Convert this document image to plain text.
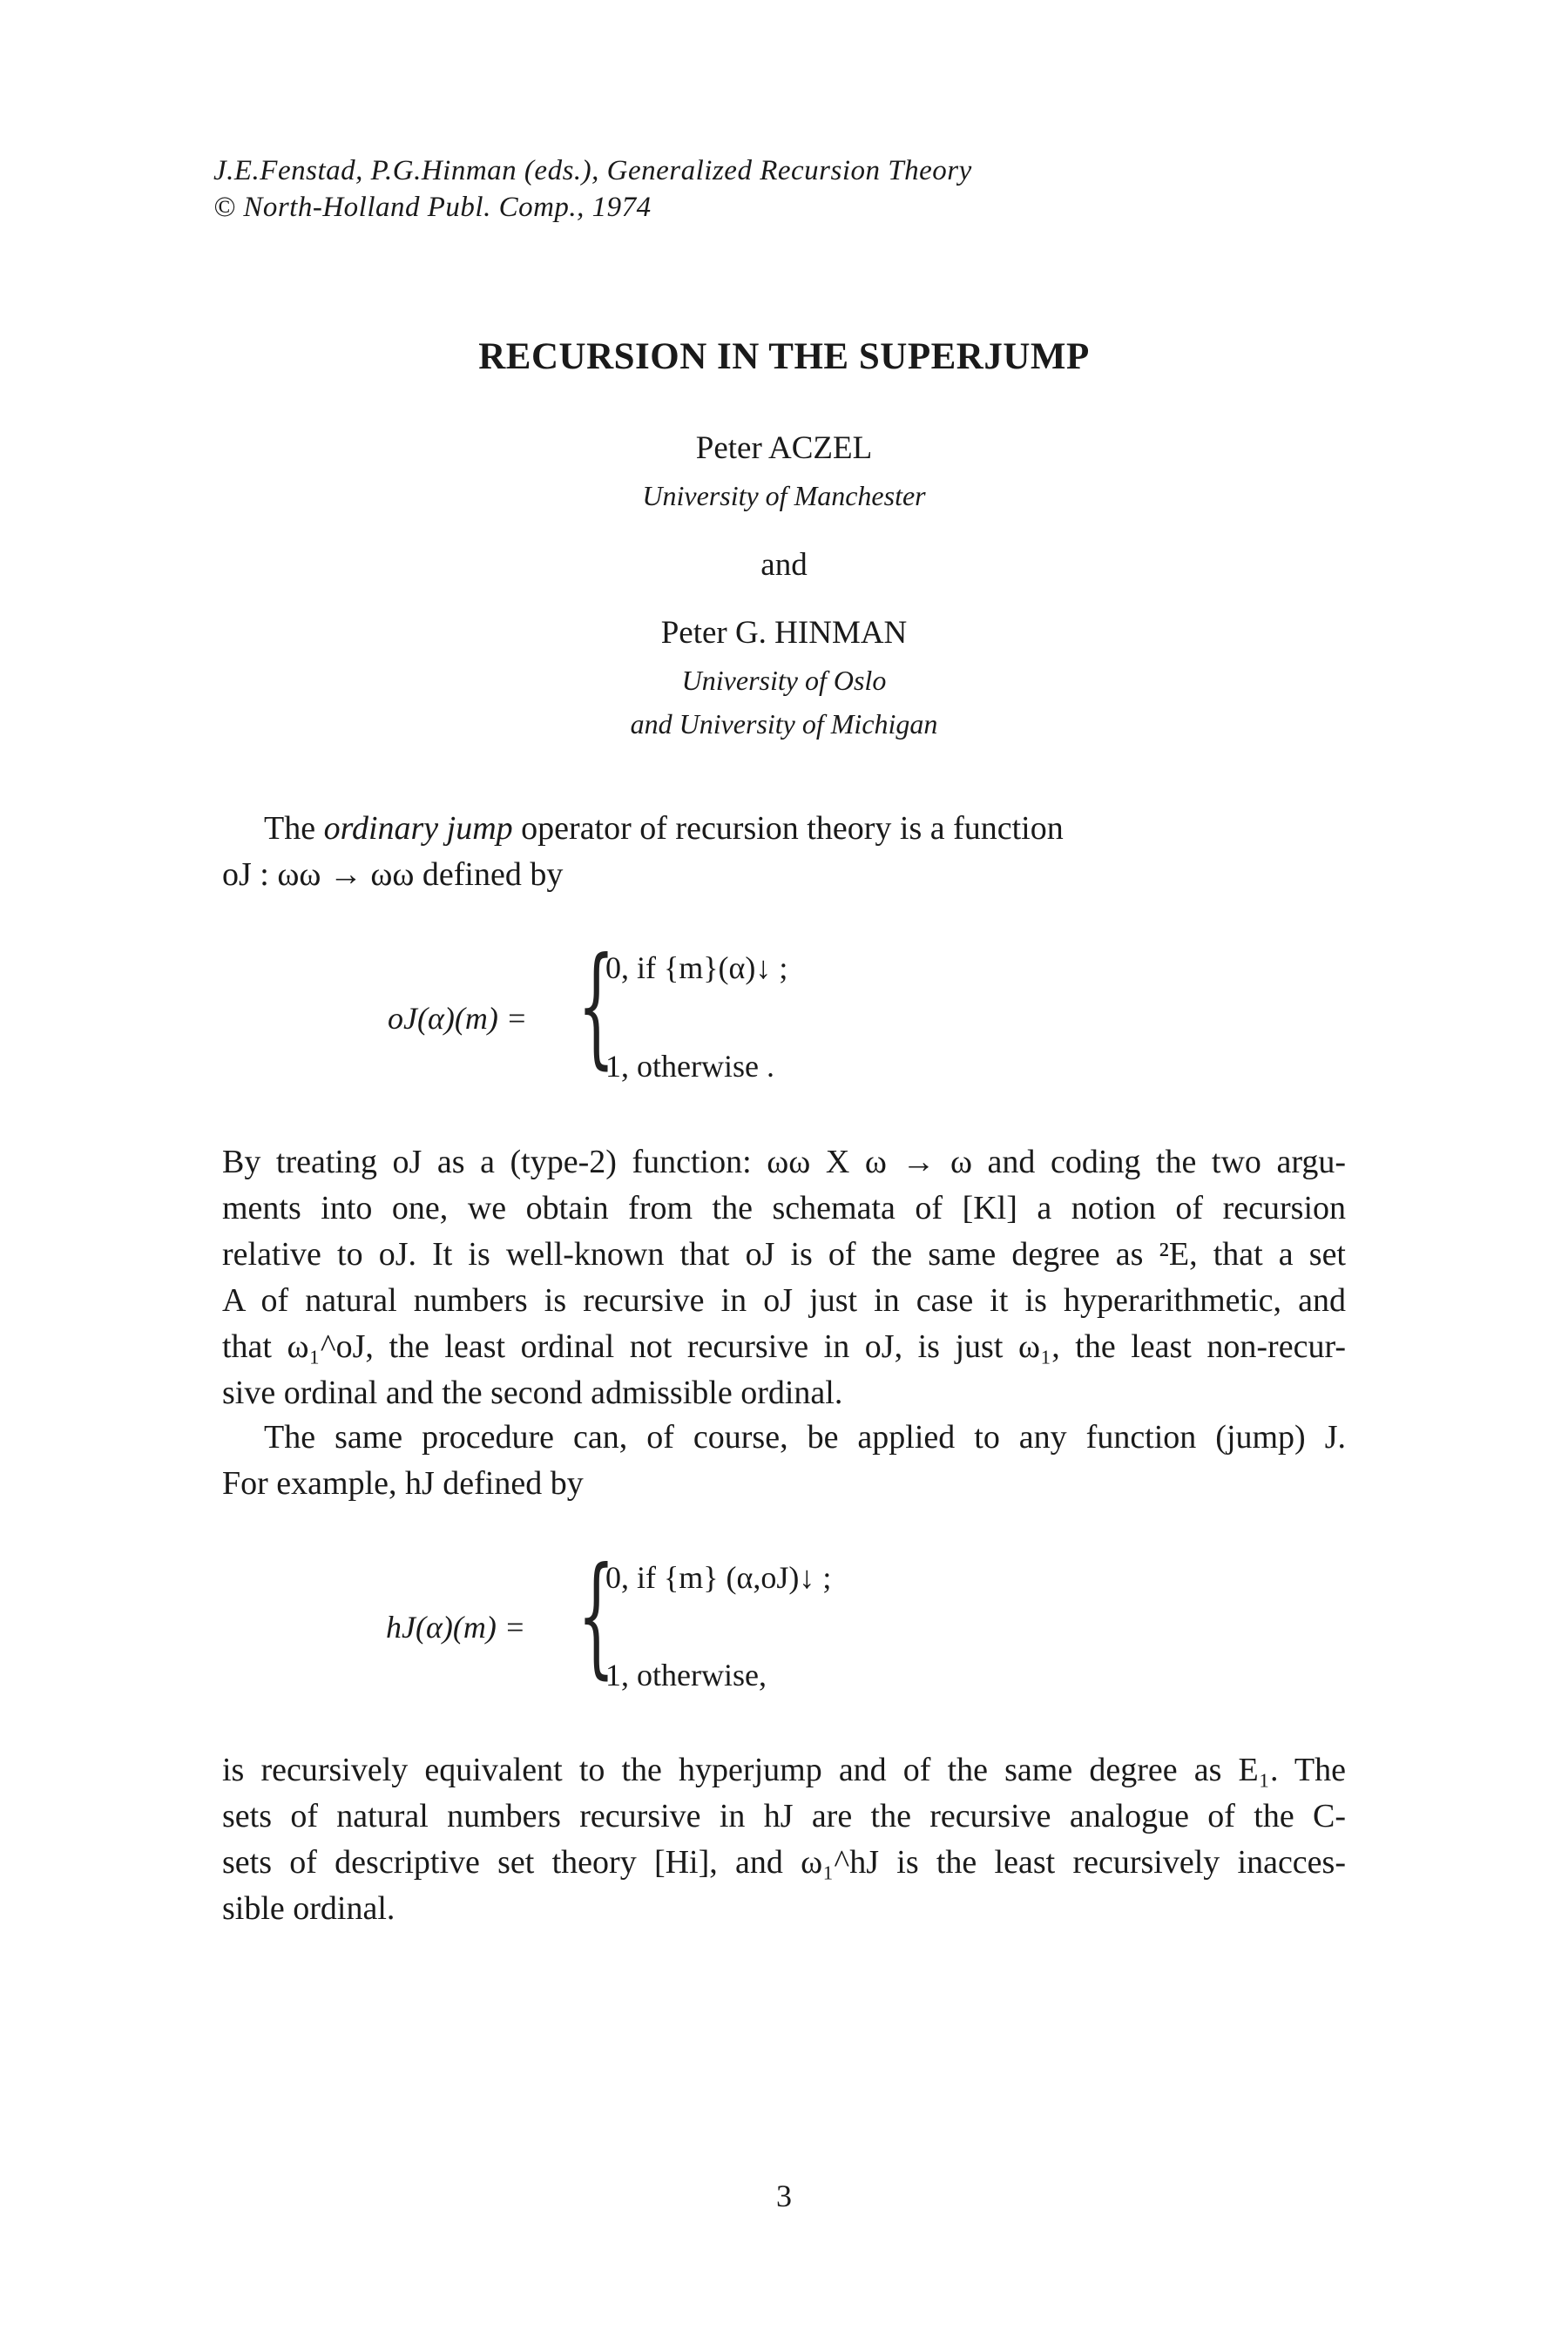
J.E.Fenstad, P.G.Hinman (eds.), Generalized Recursion Theory
© North-Holland Publ. Comp., 1974
RECURSION IN THE SUPERJUMP
Peter ACZEL
University of Manchester
and
Peter G. HINMAN
University of Oslo
and University of Michigan
The ordinary jump operator of recursion theory is a function
oJ : ωω → ωω defined by
oJ(α)(m) = {
0, if {m}(α)↓ ;
1, otherwise .
By treating oJ as a (type-2) function: ωω X ω → ω and coding the two argu-
ments into one, we obtain from the schemata of [Kl] a notion of recursion
relative to oJ. It is well-known that oJ is of the same degree as ²E, that a set
A of natural numbers is recursive in oJ just in case it is hyperarithmetic, and
that ω₁^oJ, the least ordinal not recursive in oJ, is just ω₁, the least non-recur-
sive ordinal and the second admissible ordinal.
The same procedure can, of course, be applied to any function (jump) J.
For example, hJ defined by
hJ(α)(m) = {
0, if {m} (α,oJ)↓ ;
1, otherwise,
is recursively equivalent to the hyperjump and of the same degree as E₁. The
sets of natural numbers recursive in hJ are the recursive analogue of the C-
sets of descriptive set theory [Hi], and ω₁^hJ is the least recursively inacces-
sible ordinal.
3
